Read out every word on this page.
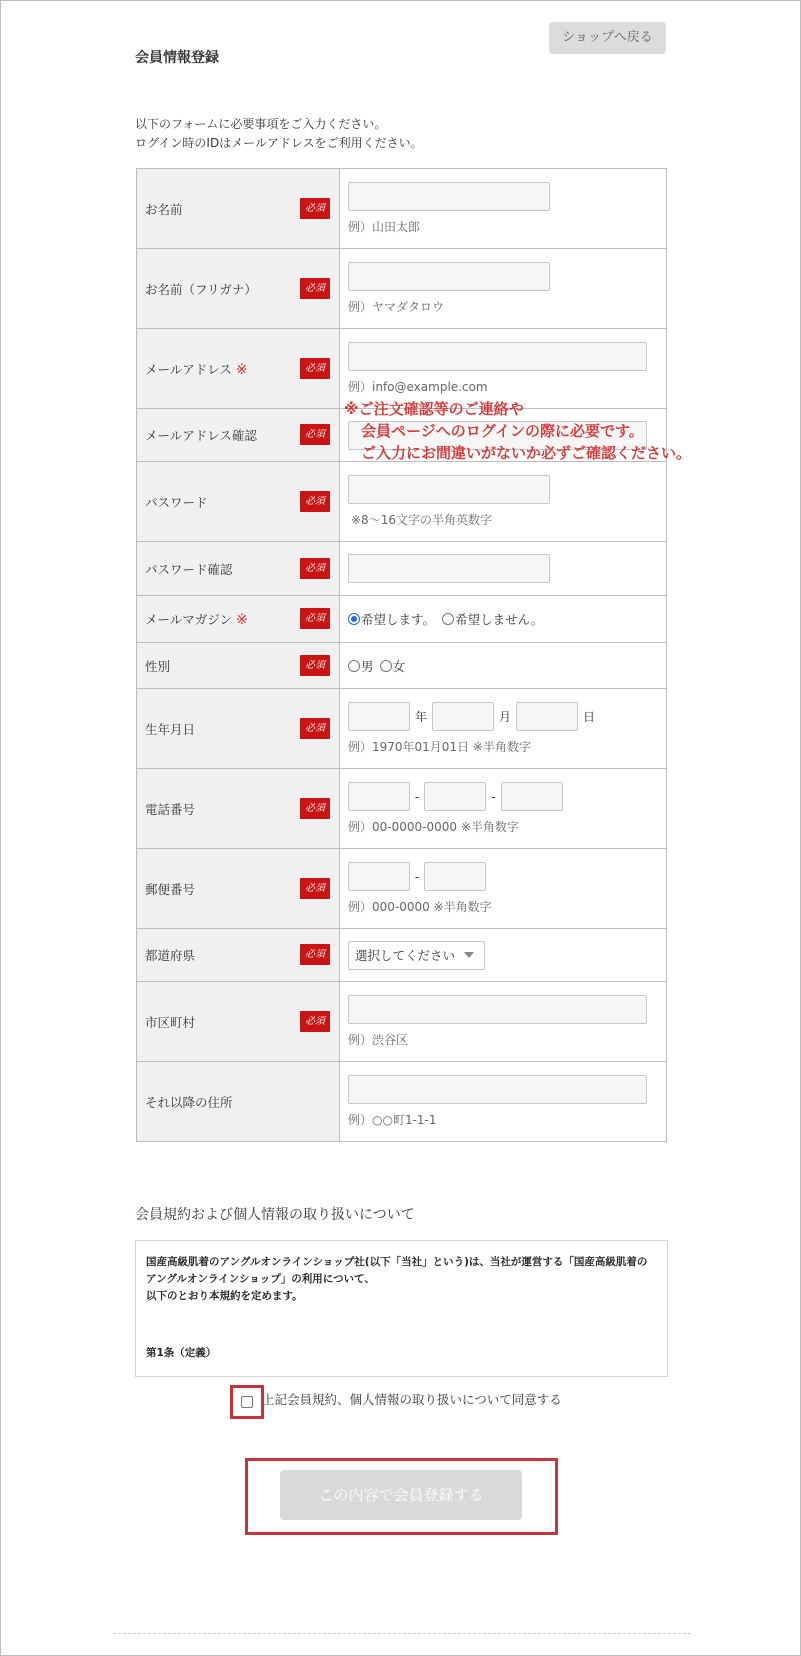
会員情報登録
ショップへ戻る
以下のフォームに必要事項をご入力ください。
ログイン時のIDはメールアドレスをご利用ください。
お名前 必須	例）山田太郎

お名前（フリガナ） 必須	例）ヤマダタロウ

メールアドレス ※ 必須	例）info@example.com

メールアドレス確認 必須	

パスワード 必須	※8〜16文字の半角英数字

パスワード確認 必須	

メールマガジン ※ 必須	希望します。 希望しません。
性別 必須	男 女
生年月日 必須	年 月 日
例）1970年01月01日 ※半角数字

電話番号 必須	- -
例）00-0000-0000 ※半角数字

郵便番号 必須	-
例）000-0000 ※半角数字

都道府県 必須	選択してください

市区町村 必須	例）渋谷区

それ以降の住所	例）○○町1-1-1
※ご注文確認等のご連絡や
会員ページへのログインの際に必要です。
ご入力にお間違いがないか必ずご確認ください。
会員規約および個人情報の取り扱いについて
国産高級肌着のアングルオンラインショップ社(以下「当社」という)は、当社が運営する「国産高級肌着のアングルオンラインショップ」の利用について、
以下のとおり本規約を定めます。
第1条（定義）
上記会員規約、個人情報の取り扱いについて同意する
この内容で会員登録する
